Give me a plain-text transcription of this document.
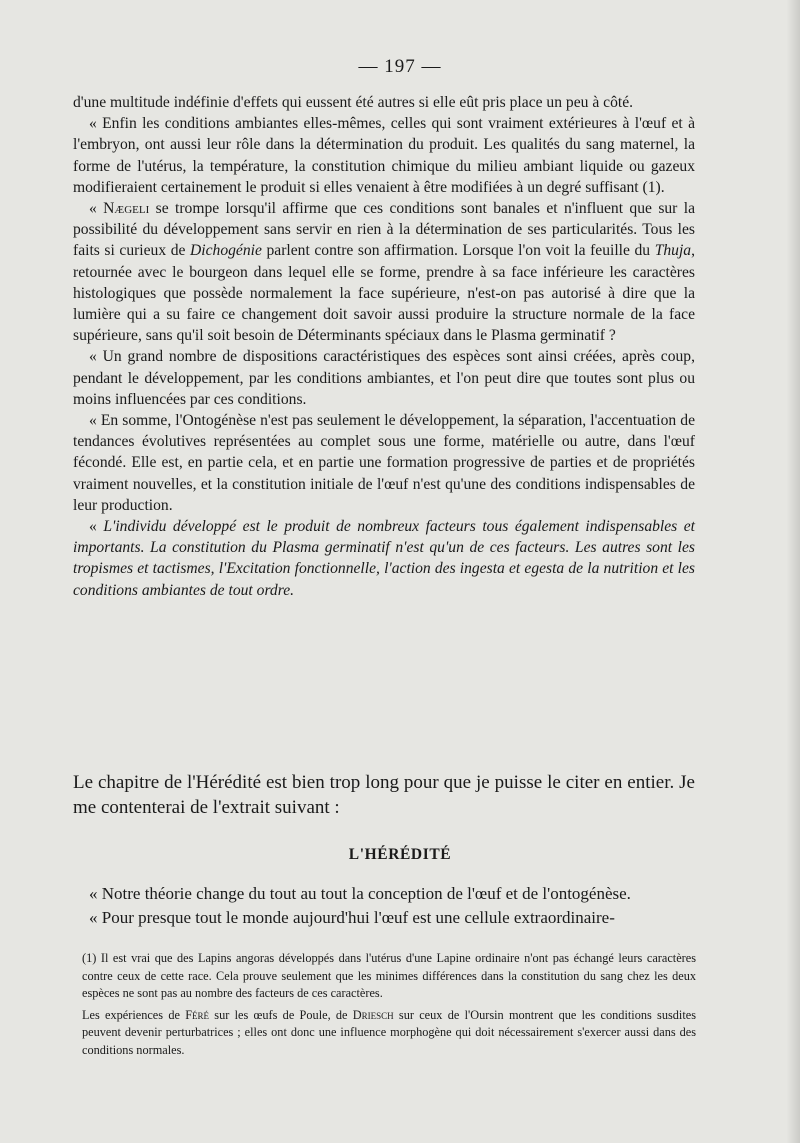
— 197 —

d'une multitude indéfinie d'effets qui eussent été autres si elle eût pris place un peu à côté.

« Enfin les conditions ambiantes elles-mêmes, celles qui sont vraiment extérieures à l'œuf et à l'embryon, ont aussi leur rôle dans la détermination du produit. Les qualités du sang maternel, la forme de l'utérus, la température, la constitution chimique du milieu ambiant liquide ou gazeux modifieraient certainement le produit si elles venaient à être modifiées à un degré suffisant (1).

« Nægeli se trompe lorsqu'il affirme que ces conditions sont banales et n'influent que sur la possibilité du développement sans servir en rien à la détermination de ses particularités. Tous les faits si curieux de Dichogénie parlent contre son affirmation. Lorsque l'on voit la feuille du Thuja, retournée avec le bourgeon dans lequel elle se forme, prendre à sa face inférieure les caractères histologiques que possède normalement la face supérieure, n'est-on pas autorisé à dire que la lumière qui a su faire ce changement doit savoir aussi produire la structure normale de la face supérieure, sans qu'il soit besoin de Déterminants spéciaux dans le Plasma germinatif ?

« Un grand nombre de dispositions caractéristiques des espèces sont ainsi créées, après coup, pendant le développement, par les conditions ambiantes, et l'on peut dire que toutes sont plus ou moins influencées par ces conditions.

« En somme, l'Ontogénèse n'est pas seulement le développement, la séparation, l'accentuation de tendances évolutives représentées au complet sous une forme, matérielle ou autre, dans l'œuf fécondé. Elle est, en partie cela, et en partie une formation progressive de parties et de propriétés vraiment nouvelles, et la constitution initiale de l'œuf n'est qu'une des conditions indispensables de leur production.

« L'individu développé est le produit de nombreux facteurs tous également indispensables et importants. La constitution du Plasma germinatif n'est qu'un de ces facteurs. Les autres sont les tropismes et tactismes, l'Excitation fonctionnelle, l'action des ingesta et egesta de la nutrition et les conditions ambiantes de tout ordre.

Le chapitre de l'Hérédité est bien trop long pour que je puisse le citer en entier. Je me contenterai de l'extrait suivant :

L'HÉRÉDITÉ

« Notre théorie change du tout au tout la conception de l'œuf et de l'ontogénèse.

« Pour presque tout le monde aujourd'hui l'œuf est une cellule extraordinaire-

(1) Il est vrai que des Lapins angoras développés dans l'utérus d'une Lapine ordinaire n'ont pas échangé leurs caractères contre ceux de cette race. Cela prouve seulement que les minimes différences dans la constitution du sang chez les deux espèces ne sont pas au nombre des facteurs de ces caractères.

Les expériences de Féré sur les œufs de Poule, de Driesch sur ceux de l'Oursin montrent que les conditions susdites peuvent devenir perturbatrices ; elles ont donc une influence morphogène qui doit nécessairement s'exercer aussi dans des conditions normales.
